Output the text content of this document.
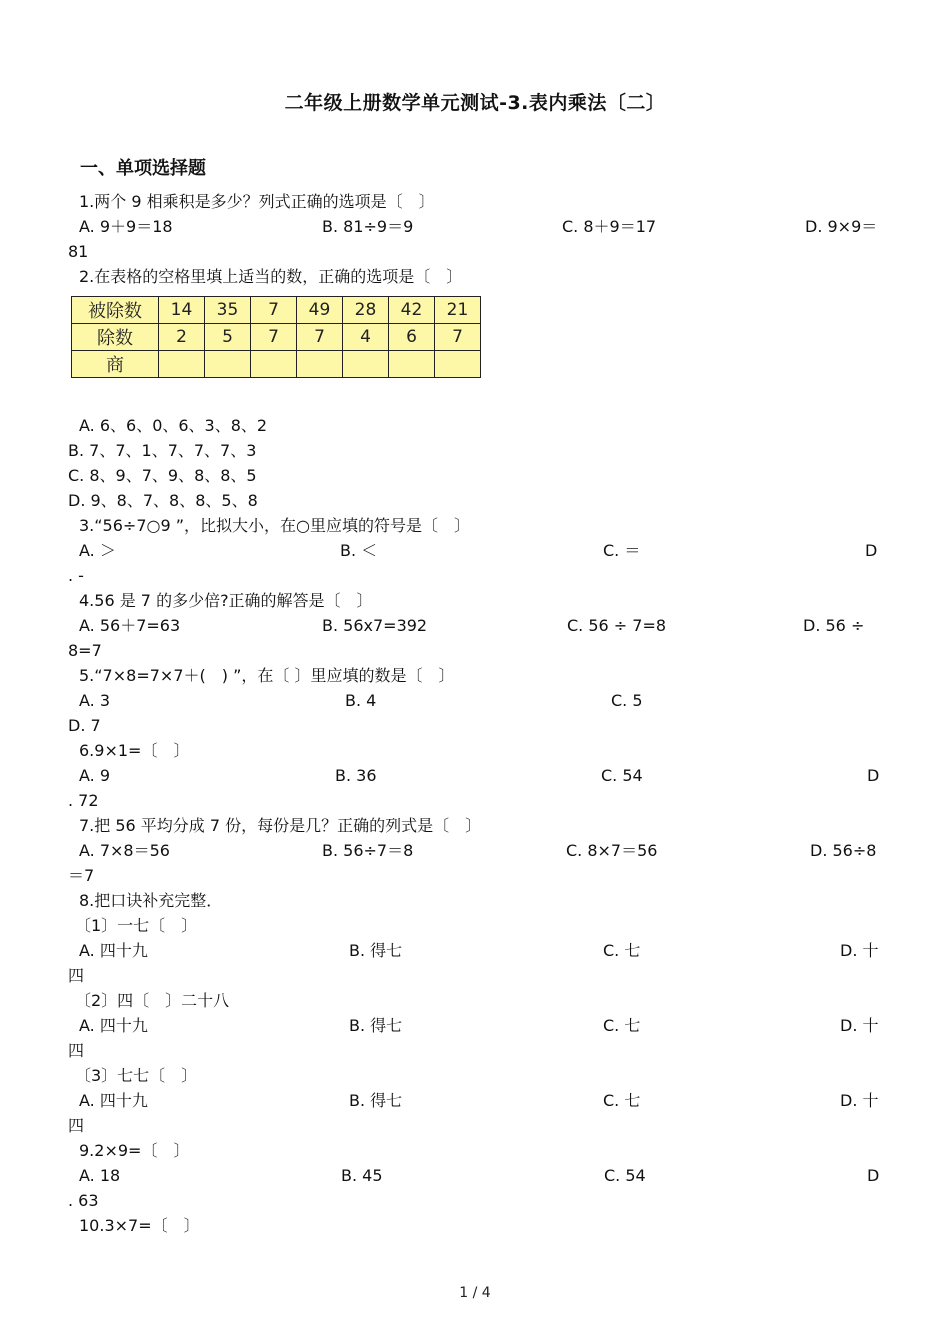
二年级上册数学单元测试-3.表内乘法〔二〕
一、单项选择题
1.两个 9 相乘积是多少？列式正确的选项是〔　〕
A. 9＋9＝18	B. 81÷9＝9	C. 8＋9＝17	D. 9×9＝
81
2.在表格的空格里填上适当的数，正确的选项是〔　〕
被除数	14	35	7	49	28	42	21
除数	2	5	7	7	4	6	7
商							
A. 6、6、0、6、3、8、2
B. 7、7、1、7、7、7、3
C. 8、9、7、9、8、8、5
D. 9、8、7、8、8、5、8
3.“56÷7○9 ”，比拟大小，在○里应填的符号是〔　〕
A. ＞	B. ＜	C. ＝	D
. -
4.56 是 7 的多少倍?正确的解答是〔　〕
A. 56＋7=63	B. 56x7=392	C. 56 ÷ 7=8	D. 56 ÷
8=7
5.“7×8=7×7＋(　) ”，在〔 〕里应填的数是〔　〕
A. 3	B. 4	C. 5
D. 7
6.9×1=〔　〕
A. 9	B. 36	C. 54	D
. 72
7.把 56 平均分成 7 份，每份是几？正确的列式是〔　〕
A. 7×8＝56	B. 56÷7＝8	C. 8×7＝56	D. 56÷8
＝7
8.把口诀补充完整．
〔1〕一七〔　〕
A. 四十九	B. 得七	C. 七	D. 十
四
〔2〕四〔　〕二十八
A. 四十九	B. 得七	C. 七	D. 十
四
〔3〕七七〔　〕
A. 四十九	B. 得七	C. 七	D. 十
四
9.2×9=〔　〕
A. 18	B. 45	C. 54	D
. 63
10.3×7=〔　〕
1 / 4
